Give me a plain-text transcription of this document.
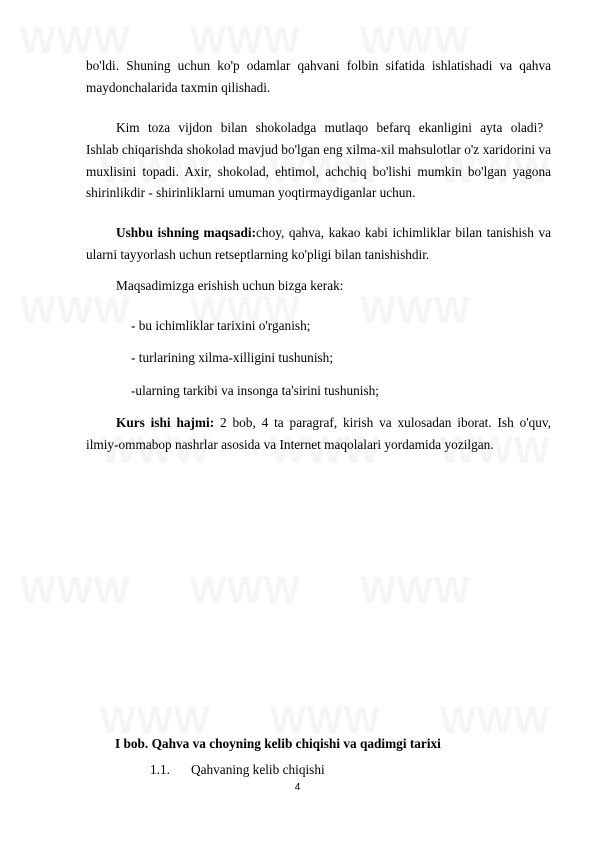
bo'ldi. Shuning uchun ko'p odamlar qahvani folbin sifatida ishlatishadi va qahva maydonchalarida taxmin qilishadi.

Kim toza vijdon bilan shokoladga mutlaqo befarq ekanligini ayta oladi?

Ishlab chiqarishda shokolad mavjud bo'lgan eng xilma-xil mahsulotlar o'z xaridorini va muxlisini topadi. Axir, shokolad, ehtimol, achchiq bo'lishi mumkin bo'lgan yagona shirinlikdir - shirinliklarni umuman yoqtirmaydiganlar uchun.

Ushbu ishning maqsadi:choy, qahva, kakao kabi ichimliklar bilan tanishish va ularni tayyorlash uchun retseptlarning ko'pligi bilan tanishishdir.

Maqsadimizga erishish uchun bizga kerak:

- bu ichimliklar tarixini o'rganish;

- turlarining xilma-xilligini tushunish;

-ularning tarkibi va insonga ta'sirini tushunish;

Kurs ishi hajmi: 2 bob, 4 ta paragraf, kirish va xulosadan iborat. Ish o'quv, ilmiy-ommabop nashrlar asosida va Internet maqolalari yordamida yozilgan.

I bob. Qahva va choyning kelib chiqishi va qadimgi tarixi
1.1. Qahvaning kelib chiqishi
4
